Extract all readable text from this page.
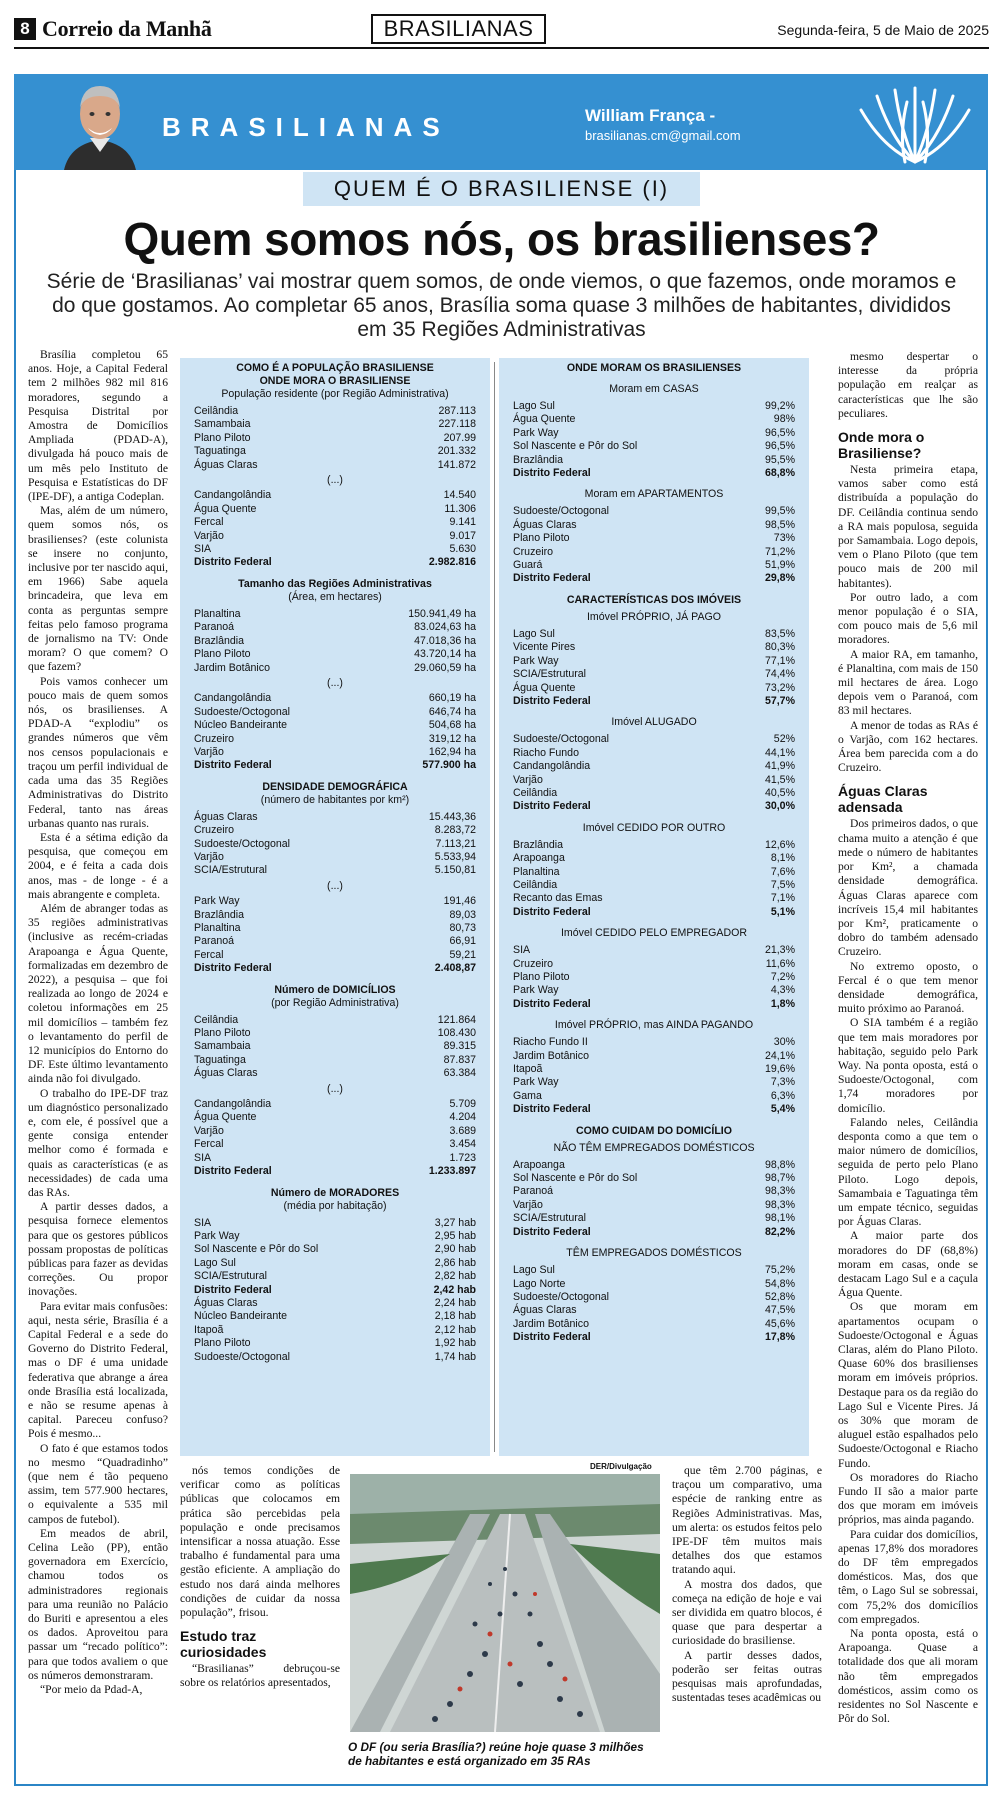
8 Correio da Manhã	BRASILIANAS	Segunda-feira, 5 de Maio de 2025
BRASILIANAS	William França -
brasilianas.cm@gmail.com
QUEM É O BRASILIENSE (I)
Quem somos nós, os brasilienses?
Série de ‘Brasilianas’ vai mostrar quem somos, de onde viemos, o que fazemos, onde moramos e do que gostamos. Ao completar 65 anos, Brasília soma quase 3 milhões de habitantes, divididos em 35 Regiões Administrativas

Brasília completou 65 anos. Hoje, a Capital Federal tem 2 milhões 982 mil 816 moradores, segundo a Pesquisa Distrital por Amostra de Domicílios Ampliada (PDAD-A), divulgada há pouco mais de um mês pelo Instituto de Pesquisa e Estatísticas do DF (IPE-DF), a antiga Codeplan.

Mas, além de um número, quem somos nós, os brasilienses? (este colunista se insere no conjunto, inclusive por ter nascido aqui, em 1966) Sabe aquela brincadeira, que leva em conta as perguntas sempre feitas pelo famoso programa de jornalismo na TV: Onde moram? O que comem? O que fazem?

Pois vamos conhecer um pouco mais de quem somos nós, os brasilienses. A PDAD-A “explodiu” os grandes números que vêm nos censos populacionais e traçou um perfil individual de cada uma das 35 Regiões Administrativas do Distrito Federal, tanto nas áreas urbanas quanto nas rurais.

Esta é a sétima edição da pesquisa, que começou em 2004, e é feita a cada dois anos, mas - de longe - é a mais abrangente e completa.

Além de abranger todas as 35 regiões administrativas (inclusive as recém-criadas Arapoanga e Água Quente, formalizadas em dezembro de 2022), a pesquisa – que foi realizada ao longo de 2024 e coletou informações em 25 mil domicílios – também fez o levantamento do perfil de 12 municípios do Entorno do DF. Este último levantamento ainda não foi divulgado.

O trabalho do IPE-DF traz um diagnóstico personalizado e, com ele, é possível que a gente consiga entender melhor como é formada e quais as características (e as necessidades) de cada uma das RAs.

A partir desses dados, a pesquisa fornece elementos para que os gestores públicos possam propostas de políticas públicas para fazer as devidas correções. Ou propor inovações.

Para evitar mais confusões: aqui, nesta série, Brasília é a Capital Federal e a sede do Governo do Distrito Federal, mas o DF é uma unidade federativa que abrange a área onde Brasília está localizada, e não se resume apenas à capital. Pareceu confuso? Pois é mesmo...

O fato é que estamos todos no mesmo “Quadradinho” (que nem é tão pequeno assim, tem 577.900 hectares, o equivalente a 535 mil campos de futebol).

Em meados de abril, Celina Leão (PP), então governadora em Exercício, chamou todos os administradores regionais para uma reunião no Palácio do Buriti e apresentou a eles os dados. Aproveitou para passar um “recado político”: para que todos avaliem o que os números demonstraram.

“Por meio da Pdad-A,

COMO É A POPULAÇÃO BRASILIENSE
ONDE MORA O BRASILIENSE
População residente (por Região Administrativa)
Ceilândia	287.113
Samambaia	227.118
Plano Piloto	207.99
Taguatinga	201.332
Águas Claras	141.872
(...)
Candangolândia	14.540
Água Quente	11.306
Fercal	9.141
Varjão	9.017
SIA	5.630
Distrito Federal	2.982.816
Tamanho das Regiões Administrativas
(Área, em hectares)
Planaltina	150.941,49 ha
Paranoá	83.024,63 ha
Brazlândia	47.018,36 ha
Plano Piloto	43.720,14 ha
Jardim Botânico	29.060,59 ha
(...)
Candangolândia	660,19 ha
Sudoeste/Octogonal	646,74 ha
Núcleo Bandeirante	504,68 ha
Cruzeiro	319,12 ha
Varjão	162,94 ha
Distrito Federal	577.900 ha
DENSIDADE DEMOGRÁFICA
(número de habitantes por km²)
Águas Claras	15.443,36
Cruzeiro	8.283,72
Sudoeste/Octogonal	7.113,21
Varjão	5.533,94
SCIA/Estrutural	5.150,81
(...)
Park Way	191,46
Brazlândia	89,03
Planaltina	80,73
Paranoá	66,91
Fercal	59,21
Distrito Federal	2.408,87
Número de DOMICÍLIOS
(por Região Administrativa)
Ceilândia	121.864
Plano Piloto	108.430
Samambaia	89.315
Taguatinga	87.837
Águas Claras	63.384
(...)
Candangolândia	5.709
Água Quente	4.204
Varjão	3.689
Fercal	3.454
SIA	1.723
Distrito Federal	1.233.897
Número de MORADORES
(média por habitação)
SIA	3,27 hab
Park Way	2,95 hab
Sol Nascente e Pôr do Sol	2,90 hab
Lago Sul	2,86 hab
SCIA/Estrutural	2,82 hab
Distrito Federal	2,42 hab
Águas Claras	2,24 hab
Núcleo Bandeirante	2,18 hab
Itapoã	2,12 hab
Plano Piloto	1,92 hab
Sudoeste/Octogonal	1,74 hab
ONDE MORAM OS BRASILIENSES
Moram em CASAS
Lago Sul	99,2%
Água Quente	98%
Park Way	96,5%
Sol Nascente e Pôr do Sol	96,5%
Brazlândia	95,5%
Distrito Federal	68,8%
Moram em APARTAMENTOS
Sudoeste/Octogonal	99,5%
Águas Claras	98,5%
Plano Piloto	73%
Cruzeiro	71,2%
Guará	51,9%
Distrito Federal	29,8%
CARACTERÍSTICAS DOS IMÓVEIS
Imóvel PRÓPRIO, JÁ PAGO
Lago Sul	83,5%
Vicente Pires	80,3%
Park Way	77,1%
SCIA/Estrutural	74,4%
Água Quente	73,2%
Distrito Federal	57,7%
Imóvel ALUGADO
Sudoeste/Octogonal	52%
Riacho Fundo	44,1%
Candangolândia	41,9%
Varjão	41,5%
Ceilândia	40,5%
Distrito Federal	30,0%
Imóvel CEDIDO POR OUTRO
Brazlândia	12,6%
Arapoanga	8,1%
Planaltina	7,6%
Ceilândia	7,5%
Recanto das Emas	7,1%
Distrito Federal	5,1%
Imóvel CEDIDO PELO EMPREGADOR
SIA	21,3%
Cruzeiro	11,6%
Plano Piloto	7,2%
Park Way	4,3%
Distrito Federal	1,8%
Imóvel PRÓPRIO, mas AINDA PAGANDO
Riacho Fundo II	30%
Jardim Botânico	24,1%
Itapoã	19,6%
Park Way	7,3%
Gama	6,3%
Distrito Federal	5,4%
COMO CUIDAM DO DOMICÍLIO
NÃO TÊM EMPREGADOS DOMÉSTICOS
Arapoanga	98,8%
Sol Nascente e Pôr do Sol	98,7%
Paranoá	98,3%
Varjão	98,3%
SCIA/Estrutural	98,1%
Distrito Federal	82,2%
TÊM EMPREGADOS DOMÉSTICOS
Lago Sul	75,2%
Lago Norte	54,8%
Sudoeste/Octogonal	52,8%
Águas Claras	47,5%
Jardim Botânico	45,6%
Distrito Federal	17,8%

mesmo despertar o interesse da própria população em realçar as características que lhe são peculiares.

Onde mora o Brasiliense?

Nesta primeira etapa, vamos saber como está distribuída a população do DF. Ceilândia continua sendo a RA mais populosa, seguida por Samambaia. Logo depois, vem o Plano Piloto (que tem pouco mais de 200 mil habitantes).

Por outro lado, a com menor população é o SIA, com pouco mais de 5,6 mil moradores.

A maior RA, em tamanho, é Planaltina, com mais de 150 mil hectares de área. Logo depois vem o Paranoá, com 83 mil hectares.

A menor de todas as RAs é o Varjão, com 162 hectares. Área bem parecida com a do Cruzeiro.

Águas Claras adensada

Dos primeiros dados, o que chama muito a atenção é que mede o número de habitantes por Km², a chamada densidade demográfica. Águas Claras aparece com incríveis 15,4 mil habitantes por Km², praticamente o dobro do também adensado Cruzeiro.

No extremo oposto, o Fercal é o que tem menor densidade demográfica, muito próximo ao Paranoá.

O SIA também é a região que tem mais moradores por habitação, seguido pelo Park Way. Na ponta oposta, está o Sudoeste/Octogonal, com 1,74 moradores por domicílio.

Falando neles, Ceilândia desponta como a que tem o maior número de domicílios, seguida de perto pelo Plano Piloto. Logo depois, Samambaia e Taguatinga têm um empate técnico, seguidas por Águas Claras.

A maior parte dos moradores do DF (68,8%) moram em casas, onde se destacam Lago Sul e a caçula Água Quente.

Os que moram em apartamentos ocupam o Sudoeste/Octogonal e Águas Claras, além do Plano Piloto. Quase 60% dos brasilienses moram em imóveis próprios. Destaque para os da região do Lago Sul e Vicente Pires. Já os 30% que moram de aluguel estão espalhados pelo Sudoeste/Octogonal e Riacho Fundo.

Os moradores do Riacho Fundo II são a maior parte dos que moram em imóveis próprios, mas ainda pagando.

Para cuidar dos domicílios, apenas 17,8% dos moradores do DF têm empregados domésticos. Mas, dos que têm, o Lago Sul se sobressai, com 75,2% dos domicílios com empregados.

Na ponta oposta, está o Arapoanga. Quase a totalidade dos que ali moram não têm empregados domésticos, assim como os residentes no Sol Nascente e Pôr do Sol.

nós temos condições de verificar como as políticas públicas que colocamos em prática são percebidas pela população e onde precisamos intensificar a nossa atuação. Esse trabalho é fundamental para uma gestão eficiente. A ampliação do estudo nos dará ainda melhores condições de cuidar da nossa população”, frisou.

Estudo traz curiosidades

“Brasilianas” debruçou-se sobre os relatórios apresentados,

DER/Divulgação
O DF (ou seria Brasília?) reúne hoje quase 3 milhões de habitantes e está organizado em 35 RAs

que têm 2.700 páginas, e traçou um comparativo, uma espécie de ranking entre as Regiões Administrativas. Mas, um alerta: os estudos feitos pelo IPE-DF têm muitos mais detalhes dos que estamos tratando aqui.

A mostra dos dados, que começa na edição de hoje e vai ser dividida em quatro blocos, é quase que para despertar a curiosidade do brasiliense.

A partir desses dados, poderão ser feitas outras pesquisas mais aprofundadas, sustentadas teses acadêmicas ou
